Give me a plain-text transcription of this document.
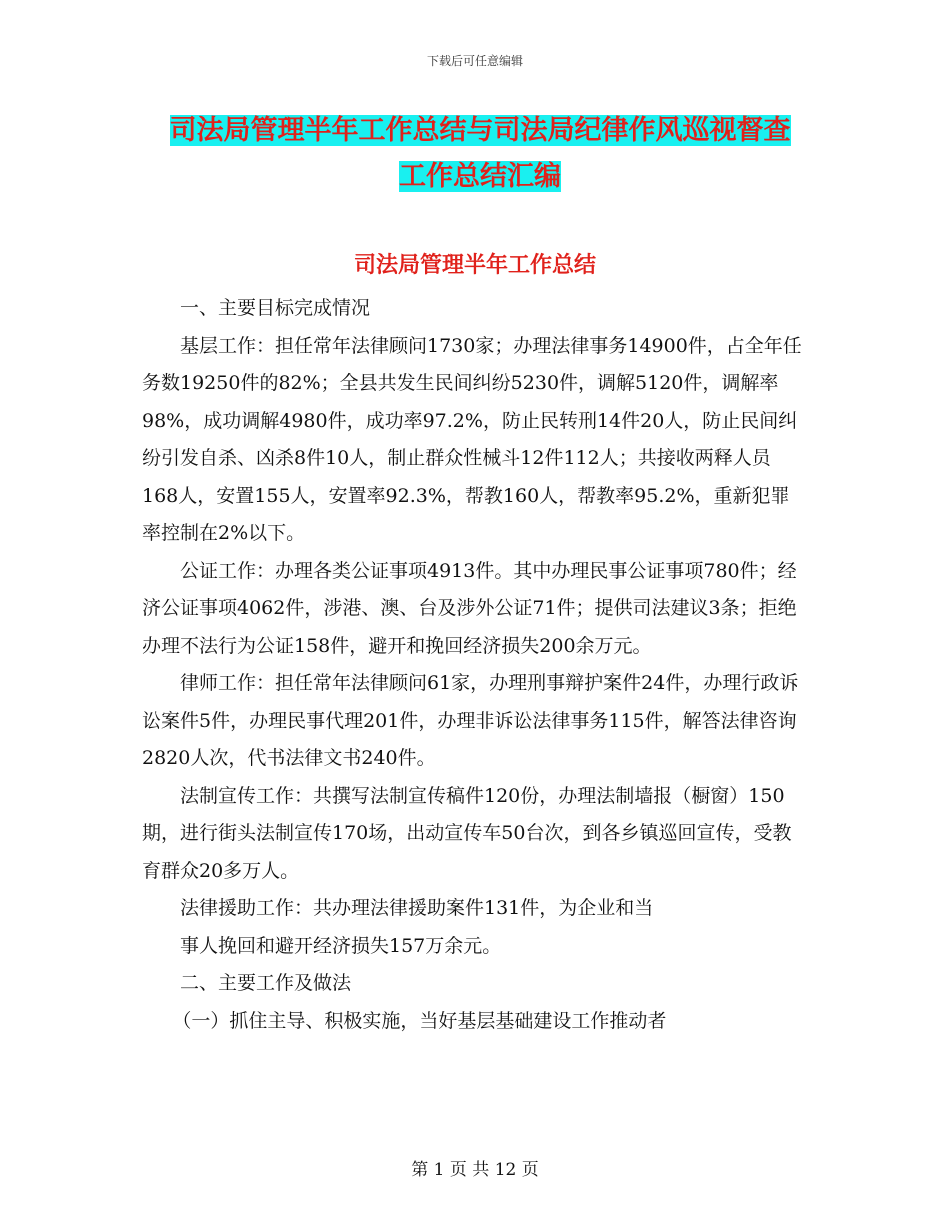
下载后可任意编辑
司法局管理半年工作总结与司法局纪律作风巡视督查
工作总结汇编
司法局管理半年工作总结

一、主要目标完成情况

基层工作：担任常年法律顾问1730家；办理法律事务14900件，占全年任务数19250件的82%；全县共发生民间纠纷5230件，调解5120件，调解率98%，成功调解4980件，成功率97.2%，防止民转刑14件20人，防止民间纠纷引发自杀、凶杀8件10人，制止群众性械斗12件112人；共接收两释人员168人，安置155人，安置率92.3%，帮教160人，帮教率95.2%，重新犯罪率控制在2%以下。

公证工作：办理各类公证事项4913件。其中办理民事公证事项780件；经济公证事项4062件，涉港、澳、台及涉外公证71件；提供司法建议3条；拒绝办理不法行为公证158件，避开和挽回经济损失200余万元。

律师工作：担任常年法律顾问61家，办理刑事辩护案件24件，办理行政诉讼案件5件，办理民事代理201件，办理非诉讼法律事务115件，解答法律咨询2820人次，代书法律文书240件。

法制宣传工作：共撰写法制宣传稿件120份，办理法制墙报（橱窗）150期，进行街头法制宣传170场，出动宣传车50台次，到各乡镇巡回宣传，受教育群众20多万人。

法律援助工作：共办理法律援助案件131件，为企业和当

事人挽回和避开经济损失157万余元。

二、主要工作及做法

（一）抓住主导、积极实施，当好基层基础建设工作推动者

第 1 页 共 12 页
